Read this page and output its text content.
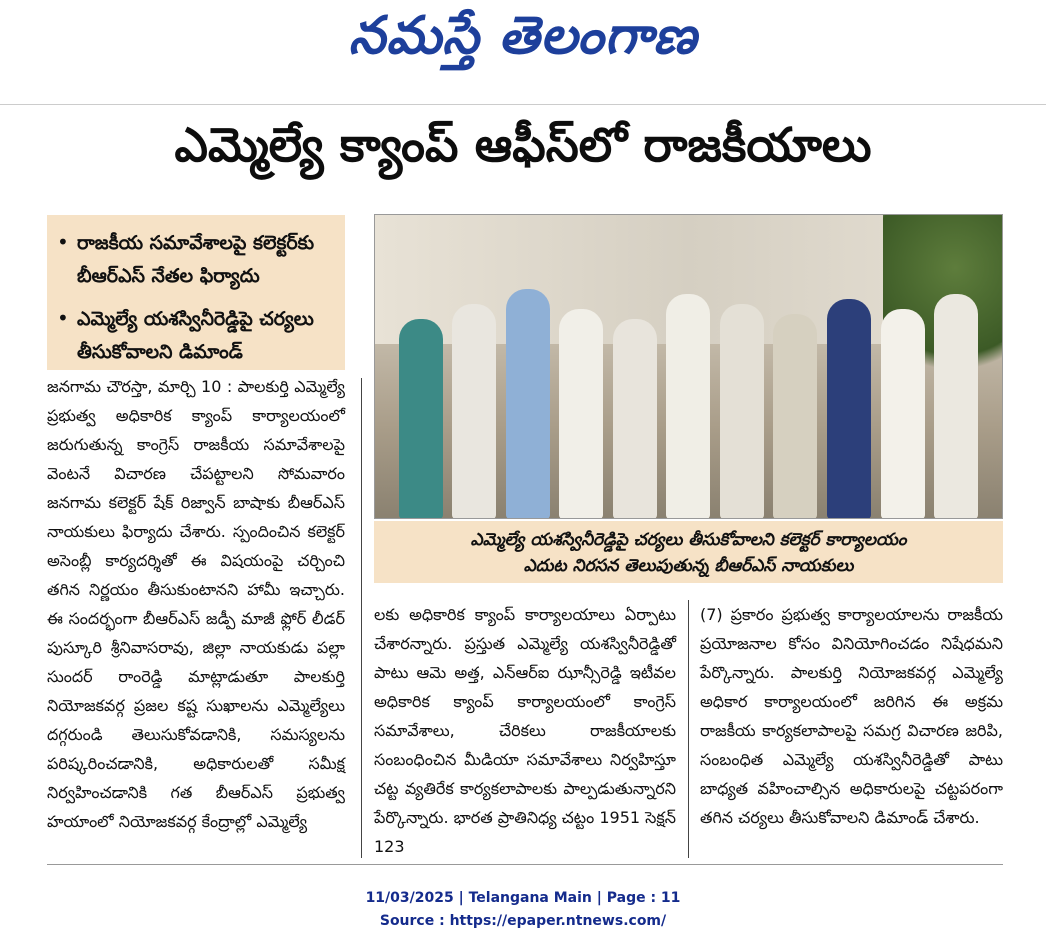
నమస్తే తెలంగాణ
ఎమ్మెల్యే క్యాంప్ ఆఫీస్‌లో రాజకీయాలు
• రాజకీయ సమావేశాలపై కలెక్టర్‌కు బీఆర్‌ఎస్ నేతల ఫిర్యాదు
• ఎమ్మెల్యే యశస్వినీరెడ్డిపై చర్యలు తీసుకోవాలని డిమాండ్
ఎమ్మెల్యే యశస్వినీరెడ్డిపై చర్యలు తీసుకోవాలని కలెక్టర్ కార్యాలయం
ఎదుట నిరసన తెలుపుతున్న బీఆర్‌ఎస్ నాయకులు
జనగామ చౌరస్తా, మార్చి 10 : పాలకుర్తి ఎమ్మెల్యే ప్రభుత్వ అధికారిక క్యాంప్ కార్యాలయంలో జరుగుతున్న కాంగ్రెస్ రాజకీయ సమావేశాలపై వెంటనే విచారణ చేపట్టాలని సోమవారం జనగామ కలెక్టర్ షేక్ రిజ్వాన్ బాషాకు బీఆర్‌ఎస్ నాయకులు ఫిర్యాదు చేశారు. స్పందించిన కలెక్టర్ అసెంబ్లీ కార్యదర్శితో ఈ విషయంపై చర్చించి తగిన నిర్ణయం తీసుకుంటానని హామీ ఇచ్చారు. ఈ సందర్భంగా బీఆర్‌ఎస్ జడ్పీ మాజీ ఫ్లోర్ లీడర్ పుస్కూరి శ్రీనివాసరావు, జిల్లా నాయకుడు పల్లా సుందర్ రాంరెడ్డి మాట్లాడుతూ పాలకుర్తి నియోజకవర్గ ప్రజల కష్ట సుఖాలను ఎమ్మెల్యేలు దగ్గరుండి తెలుసుకోవడానికి, సమస్యలను పరిష్కరించడానికి, అధికారులతో సమీక్ష నిర్వహించడానికి గత బీఆర్‌ఎస్ ప్రభుత్వ హయాంలో నియోజకవర్గ కేంద్రాల్లో ఎమ్మెల్యే
లకు అధికారిక క్యాంప్ కార్యాలయాలు ఏర్పాటు చేశారన్నారు. ప్రస్తుత ఎమ్మెల్యే యశస్వినీరెడ్డితో పాటు ఆమె అత్త, ఎన్‌ఆర్‌ఐ ఝాన్సీరెడ్డి ఇటీవల అధికారిక క్యాంప్ కార్యాలయంలో కాంగ్రెస్ సమావేశాలు, చేరికలు రాజకీయాలకు సంబంధించిన మీడియా సమావేశాలు నిర్వహిస్తూ చట్ట వ్యతిరేక కార్యకలాపాలకు పాల్పడుతున్నారని పేర్కొన్నారు. భారత ప్రాతినిధ్య చట్టం 1951 సెక్షన్ 123
(7) ప్రకారం ప్రభుత్వ కార్యాలయాలను రాజకీయ ప్రయోజనాల కోసం వినియోగించడం నిషేధమని పేర్కొన్నారు. పాలకుర్తి నియోజకవర్గ ఎమ్మెల్యే అధికార కార్యాలయంలో జరిగిన ఈ అక్రమ రాజకీయ కార్యకలాపాలపై సమగ్ర విచారణ జరిపి, సంబంధిత ఎమ్మెల్యే యశస్వినీరెడ్డితో పాటు బాధ్యత వహించాల్సిన అధికారులపై చట్టపరంగా తగిన చర్యలు తీసుకోవాలని డిమాండ్ చేశారు.
11/03/2025 | Telangana Main | Page : 11
Source : https://epaper.ntnews.com/
